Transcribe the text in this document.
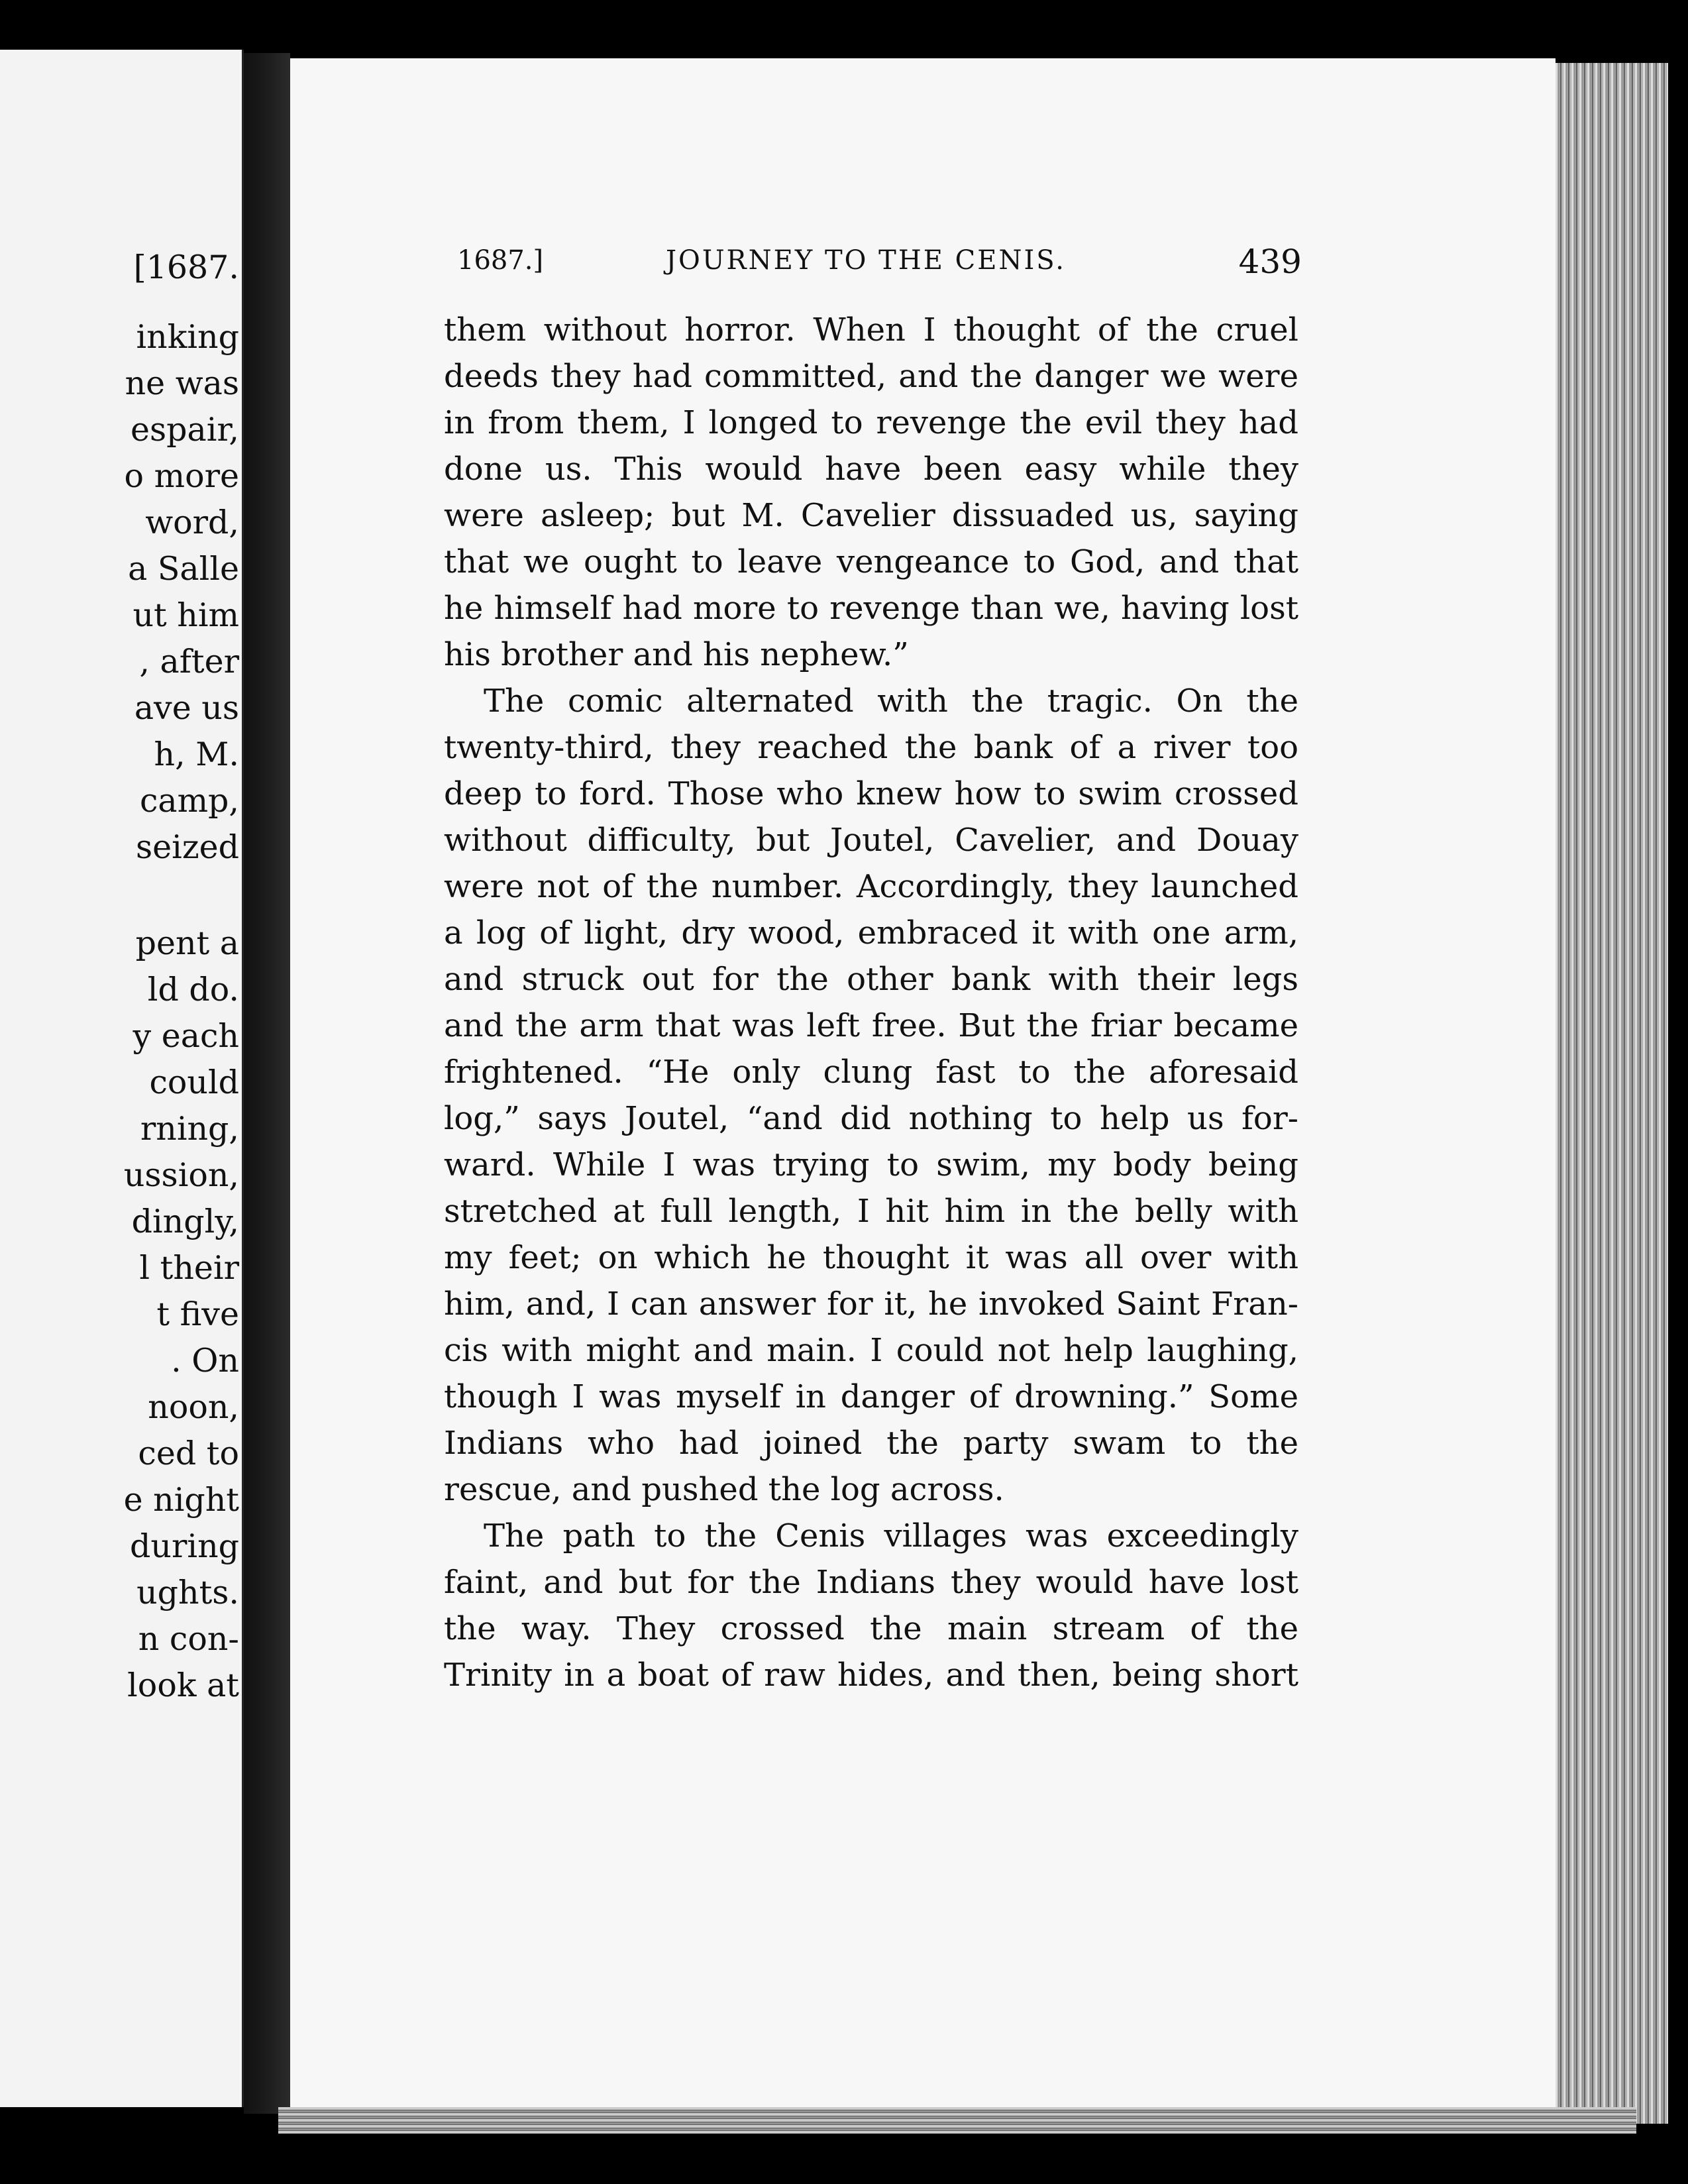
[1687.
inking
ne was
espair,
o more
word,
a Salle
ut him
, after
ave us
h, M.
camp,
seized
pent a
ld do.
y each
could
rning,
ussion,
dingly,
l their
t five
. On
noon,
ced to
e night
during
ughts.
n con-
look at
1687.]	JOURNEY TO THE CENIS.	439
them without horror. When I thought of the cruel
deeds they had committed, and the danger we were
in from them, I longed to revenge the evil they had
done us. This would have been easy while they
were asleep; but M. Cavelier dissuaded us, saying
that we ought to leave vengeance to God, and that
he himself had more to revenge than we, having lost
his brother and his nephew.”
The comic alternated with the tragic. On the
twenty-third, they reached the bank of a river too
deep to ford. Those who knew how to swim crossed
without difficulty, but Joutel, Cavelier, and Douay
were not of the number. Accordingly, they launched
a log of light, dry wood, embraced it with one arm,
and struck out for the other bank with their legs
and the arm that was left free. But the friar became
frightened. “He only clung fast to the aforesaid
log,” says Joutel, “and did nothing to help us for-
ward. While I was trying to swim, my body being
stretched at full length, I hit him in the belly with
my feet; on which he thought it was all over with
him, and, I can answer for it, he invoked Saint Fran-
cis with might and main. I could not help laughing,
though I was myself in danger of drowning.” Some
Indians who had joined the party swam to the
rescue, and pushed the log across.
The path to the Cenis villages was exceedingly
faint, and but for the Indians they would have lost
the way. They crossed the main stream of the
Trinity in a boat of raw hides, and then, being short
